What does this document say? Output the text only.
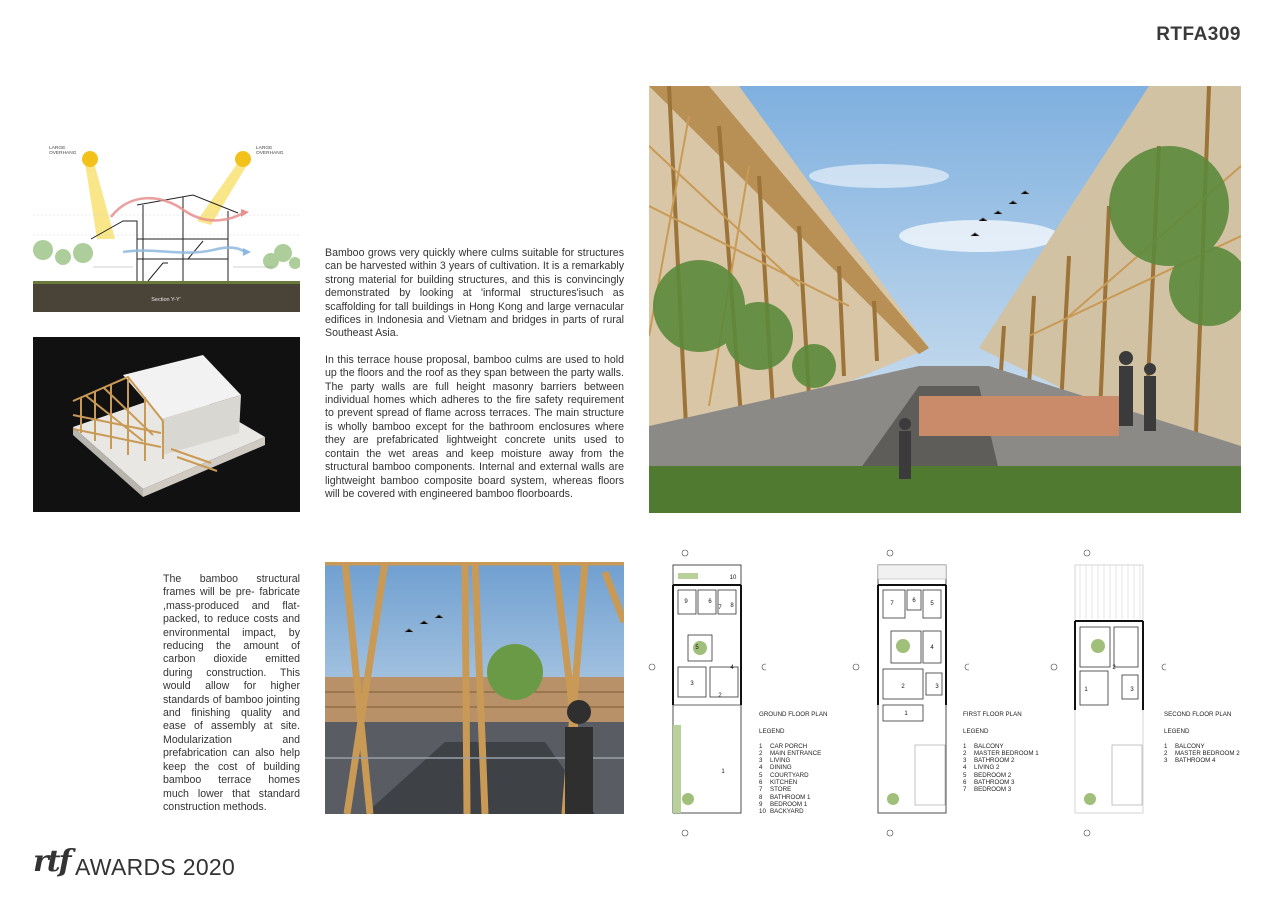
RTFA309
LARGE
OVERHANG
LARGE
OVERHANG
Section Y-Y'

Bamboo grows very quickly where culms suitable for structures can be harvested within 3 years of cultivation. It is a remarkably strong material for building structures, and this is convincingly demonstrated by looking at 'informal structures'isuch as scaffolding for tall buildings in Hong Kong and large vernacular edifices in Indonesia and Vietnam and bridges in parts of rural Southeast Asia.

In this terrace house proposal, bamboo culms are used to hold up the floors and the roof as they span between the party walls. The party walls are full height masonry barriers between individual homes which adheres to the fire safety requirement to prevent spread of flame across terraces. The main structure is wholly bamboo except for the bathroom enclosures where they are prefabricated lightweight concrete units used to contain the wet areas and keep moisture away from the structural bamboo components. Internal and external walls are lightweight bamboo composite board system, whereas floors will be covered with engineered bamboo floorboards.

The bamboo structural frames will be pre- fabricate ,mass-produced and flat-packed, to reduce costs and environmental impact, by reducing the amount of carbon dioxide emitted during construction. This would allow for higher standards of bamboo jointing and finishing quality and ease of assembly at site. Modularization and prefabrication can also help keep the cost of building bamboo terrace homes much lower that standard construction methods.

1
2
3
4
5
6
7 8
9
10
GROUND FLOOR PLAN
LEGEND
1 CAR PORCH
2 MAIN ENTRANCE
3 LIVING
4 DINING
5 COURTYARD
6 KITCHEN
7 STORE
8 BATHROOM 1
9 BEDROOM 1
10 BACKYARD
1
2	3
4
5
6
7
FIRST FLOOR PLAN
LEGEND
1 BALCONY
2 MASTER BEDROOM 1
3 BATHROOM 2
4 LIVING 2
5 BEDROOM 2
6 BATHROOM 3
7 BEDROOM 3
1
2
3
SECOND FLOOR PLAN
LEGEND
1 BALCONY
2 MASTER BEDROOM 2
3 BATHROOM 4
rtf AWARDS 2020
